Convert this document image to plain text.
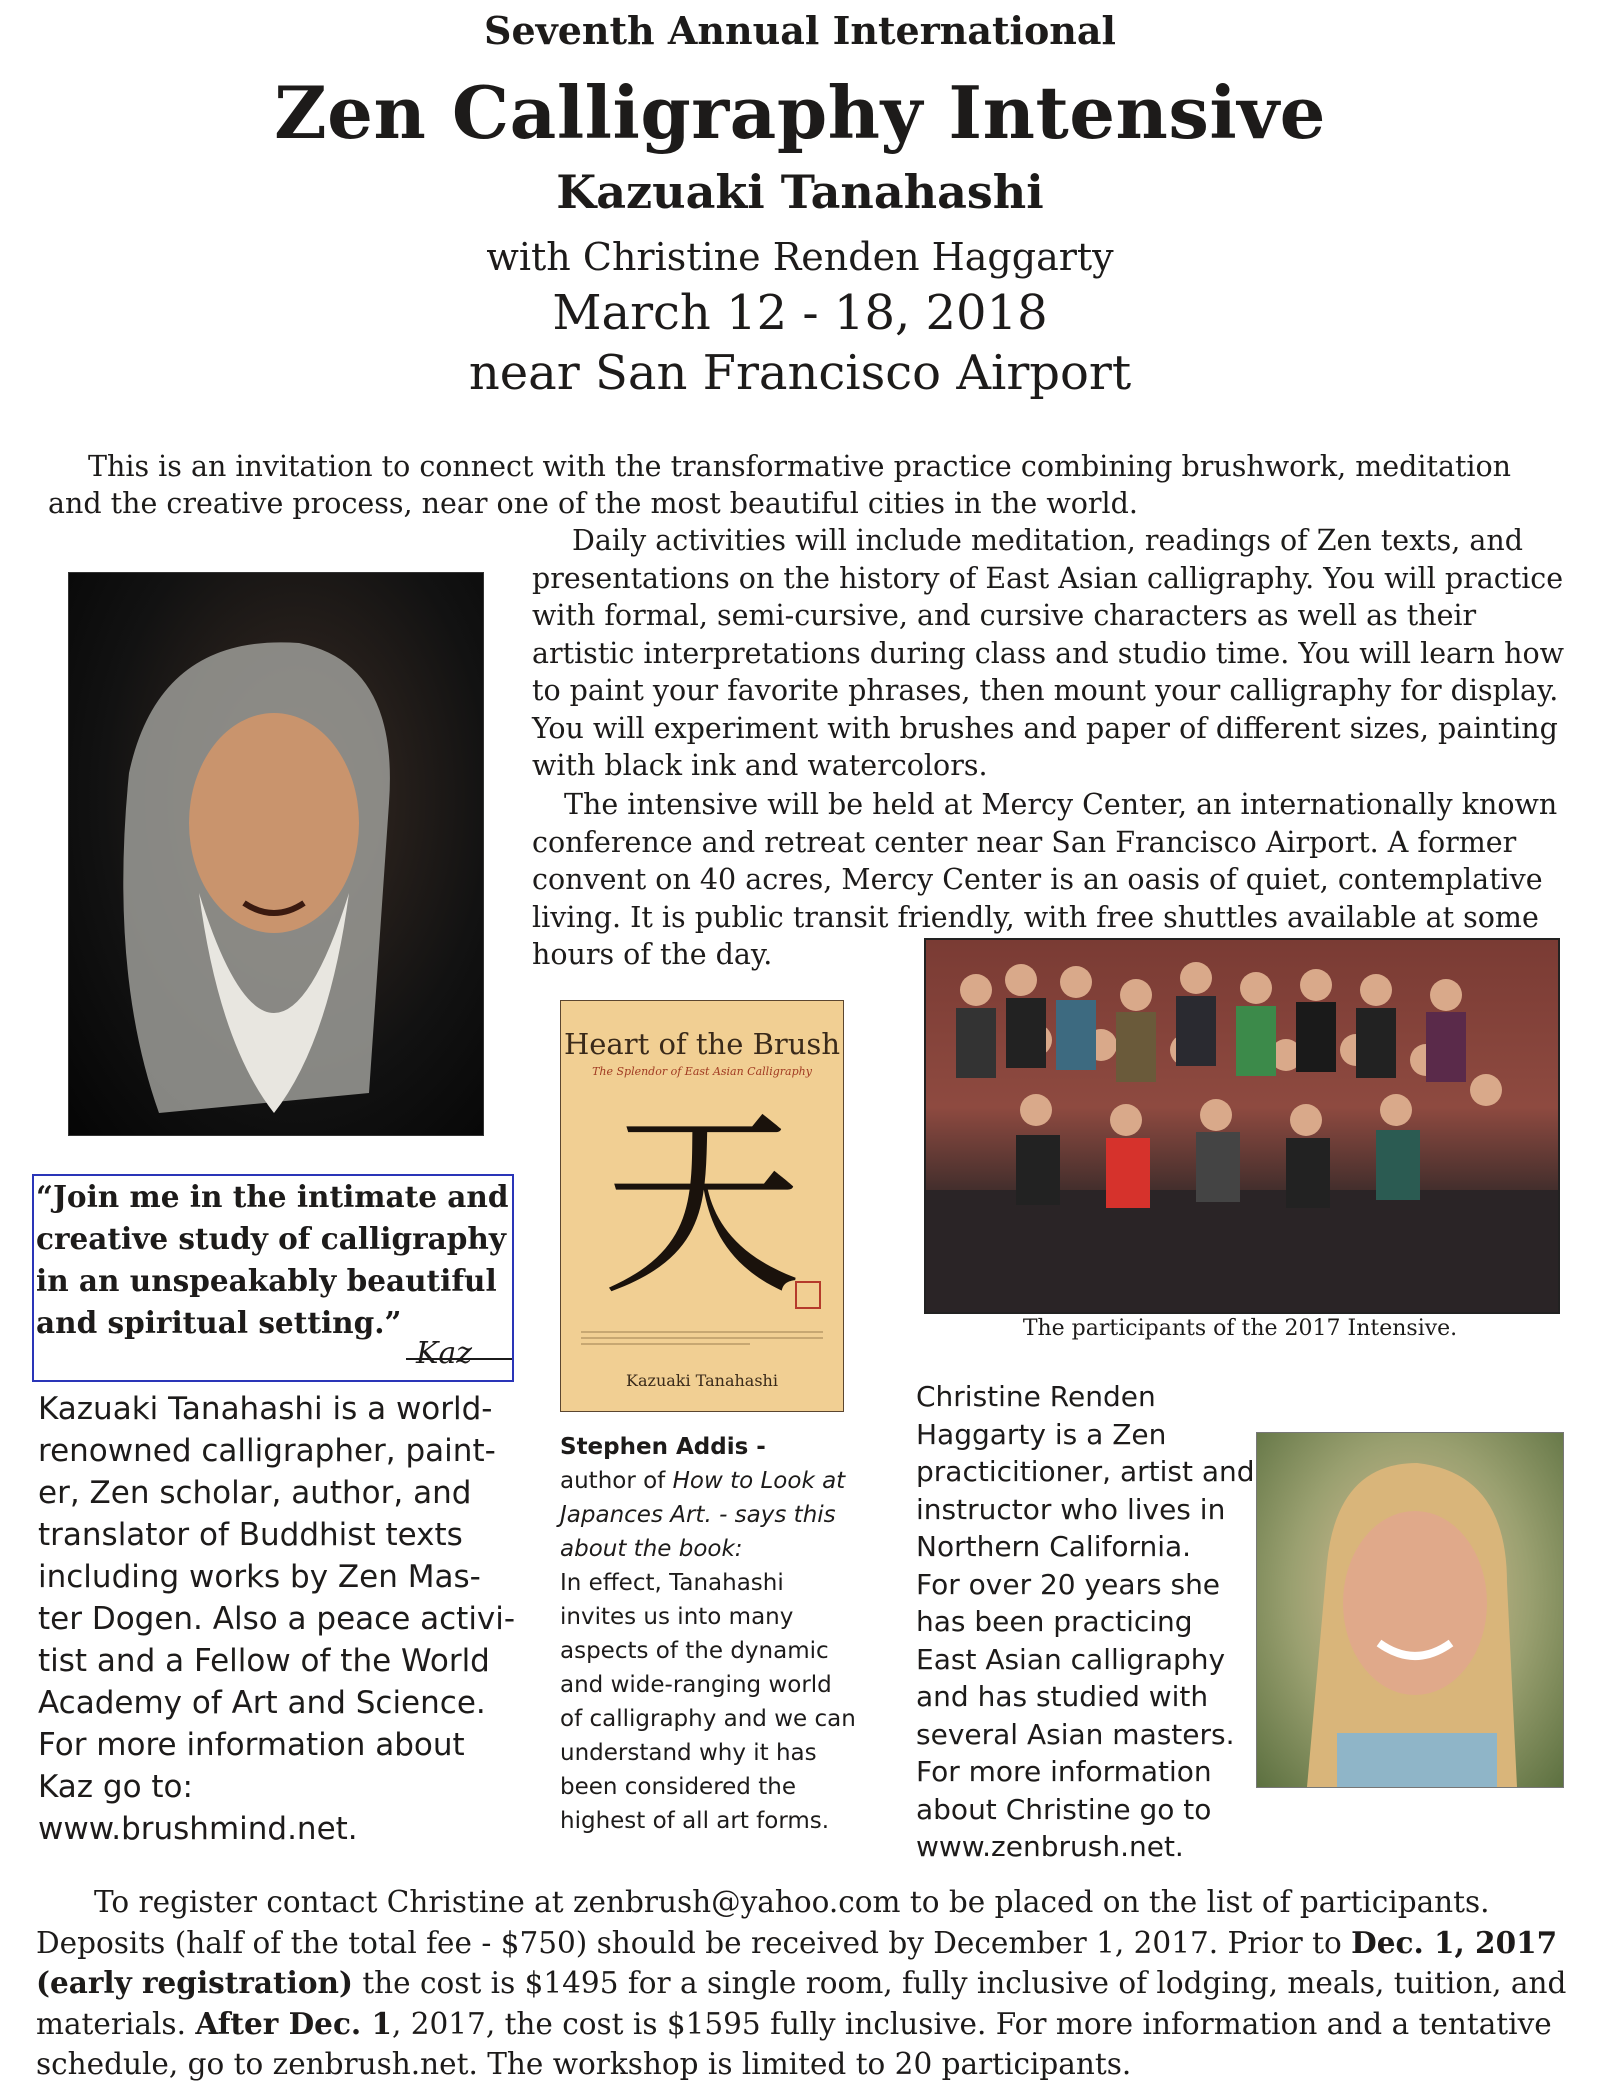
Seventh Annual International
Zen Calligraphy Intensive
Kazuaki Tanahashi
with Christine Renden Haggarty
March 12 - 18, 2018
near San Francisco Airport
This is an invitation to connect with the transformative practice combining brushwork, meditation and the creative process, near one of the most beautiful cities in the world.
Daily activities will include meditation, readings of Zen texts, and presentations on the history of East Asian calligraphy. You will practice with formal, semi-cursive, and cursive characters as well as their artistic interpretations during class and studio time. You will learn how to paint your favorite phrases, then mount your calligraphy for display. You will experiment with brushes and paper of different sizes, painting with black ink and watercolors.
The intensive will be held at Mercy Center, an internationally known conference and retreat center near San Francisco Airport. A former convent on 40 acres, Mercy Center is an oasis of quiet, contemplative living. It is public transit friendly, with free shuttles available at some hours of the day.
“Join me in the intimate and
creative study of calligraphy
in an unspeakably beautiful
and spiritual setting.”
Kaz
Kazuaki Tanahashi is a world-
renowned calligrapher, paint-
er, Zen scholar, author, and
translator of Buddhist texts
including works by Zen Mas-
ter Dogen. Also a peace activi-
tist and a Fellow of the World
Academy of Art and Science.
For more information about
Kaz go to:
www.brushmind.net.
Heart of the Brush
The Splendor of East Asian Calligraphy
天
Kazuaki Tanahashi
Stephen Addis -
author of How to Look at Japances Art. - says this about the book:
In effect, Tanahashi invites us into many aspects of the dynamic and wide-ranging world of calligraphy and we can understand why it has been considered the highest of all art forms.
The participants of the 2017 Intensive.
Christine Renden
Haggarty is a Zen
practicitioner, artist and
instructor who lives in
Northern California.
For over 20 years she
has been practicing
East Asian calligraphy
and has studied with
several Asian masters.
For more information
about Christine go to
www.zenbrush.net.
To register contact Christine at zenbrush@yahoo.com to be placed on the list of participants. Deposits (half of the total fee - $750) should be received by December 1, 2017. Prior to Dec. 1, 2017 (early registration) the cost is $1495 for a single room, fully inclusive of lodging, meals, tuition, and materials. After Dec. 1, 2017, the cost is $1595 fully inclusive. For more information and a tentative schedule, go to zenbrush.net. The workshop is limited to 20 participants.
